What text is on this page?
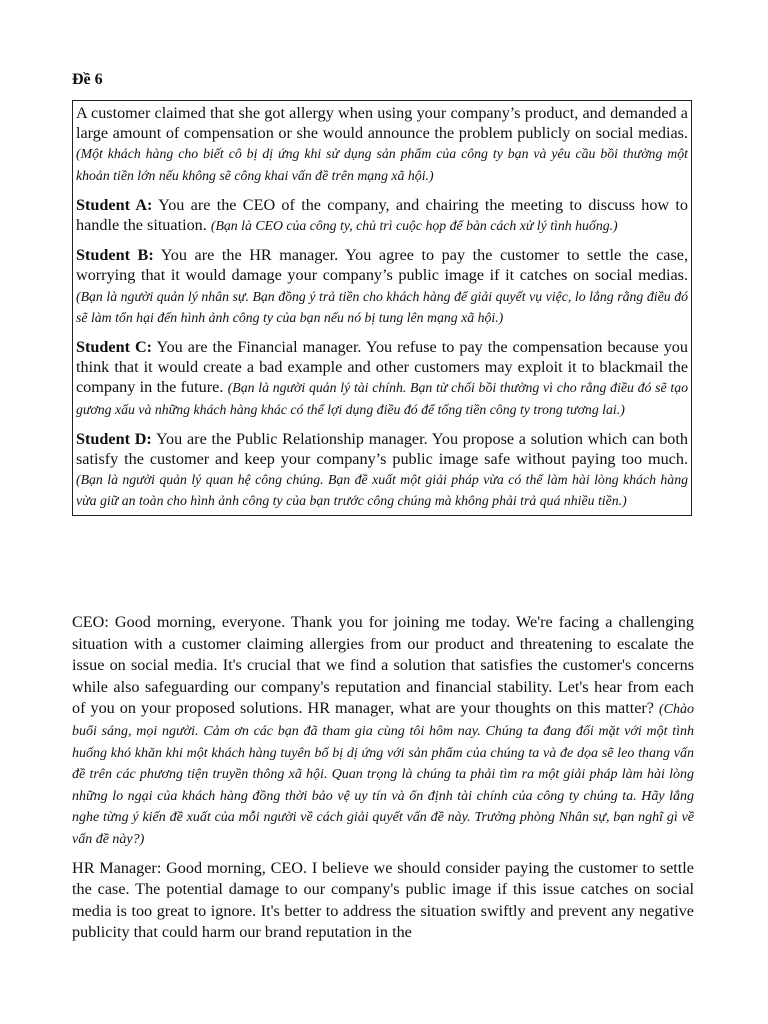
Đề 6

A customer claimed that she got allergy when using your company’s product, and demanded a large amount of compensation or she would announce the problem publicly on social medias. (Một khách hàng cho biết cô bị dị ứng khi sử dụng sản phẩm của công ty bạn và yêu cầu bồi thường một khoản tiền lớn nếu không sẽ công khai vấn đề trên mạng xã hội.)

Student A: You are the CEO of the company, and chairing the meeting to discuss how to handle the situation. (Bạn là CEO của công ty, chủ trì cuộc họp để bàn cách xử lý tình huống.)

Student B: You are the HR manager. You agree to pay the customer to settle the case, worrying that it would damage your company’s public image if it catches on social medias. (Bạn là người quản lý nhân sự. Bạn đồng ý trả tiền cho khách hàng để giải quyết vụ việc, lo lắng rằng điều đó sẽ làm tổn hại đến hình ảnh công ty của bạn nếu nó bị tung lên mạng xã hội.)

Student C: You are the Financial manager. You refuse to pay the compensation because you think that it would create a bad example and other customers may exploit it to blackmail the company in the future. (Bạn là người quản lý tài chính. Bạn từ chối bồi thường vì cho rằng điều đó sẽ tạo gương xấu và những khách hàng khác có thể lợi dụng điều đó để tống tiền công ty trong tương lai.)

Student D: You are the Public Relationship manager. You propose a solution which can both satisfy the customer and keep your company’s public image safe without paying too much. (Bạn là người quản lý quan hệ công chúng. Bạn đề xuất một giải pháp vừa có thể làm hài lòng khách hàng vừa giữ an toàn cho hình ảnh công ty của bạn trước công chúng mà không phải trả quá nhiều tiền.)

CEO: Good morning, everyone. Thank you for joining me today. We're facing a challenging situation with a customer claiming allergies from our product and threatening to escalate the issue on social media. It's crucial that we find a solution that satisfies the customer's concerns while also safeguarding our company's reputation and financial stability. Let's hear from each of you on your proposed solutions. HR manager, what are your thoughts on this matter? (Chào buổi sáng, mọi người. Cảm ơn các bạn đã tham gia cùng tôi hôm nay. Chúng ta đang đối mặt với một tình huống khó khăn khi một khách hàng tuyên bố bị dị ứng với sản phẩm của chúng ta và đe dọa sẽ leo thang vấn đề trên các phương tiện truyền thông xã hội. Quan trọng là chúng ta phải tìm ra một giải pháp làm hài lòng những lo ngại của khách hàng đồng thời bảo vệ uy tín và ổn định tài chính của công ty chúng ta. Hãy lắng nghe từng ý kiến đề xuất của mỗi người về cách giải quyết vấn đề này. Trưởng phòng Nhân sự, bạn nghĩ gì về vấn đề này?)

HR Manager: Good morning, CEO. I believe we should consider paying the customer to settle the case. The potential damage to our company's public image if this issue catches on social media is too great to ignore. It's better to address the situation swiftly and prevent any negative publicity that could harm our brand reputation in the
